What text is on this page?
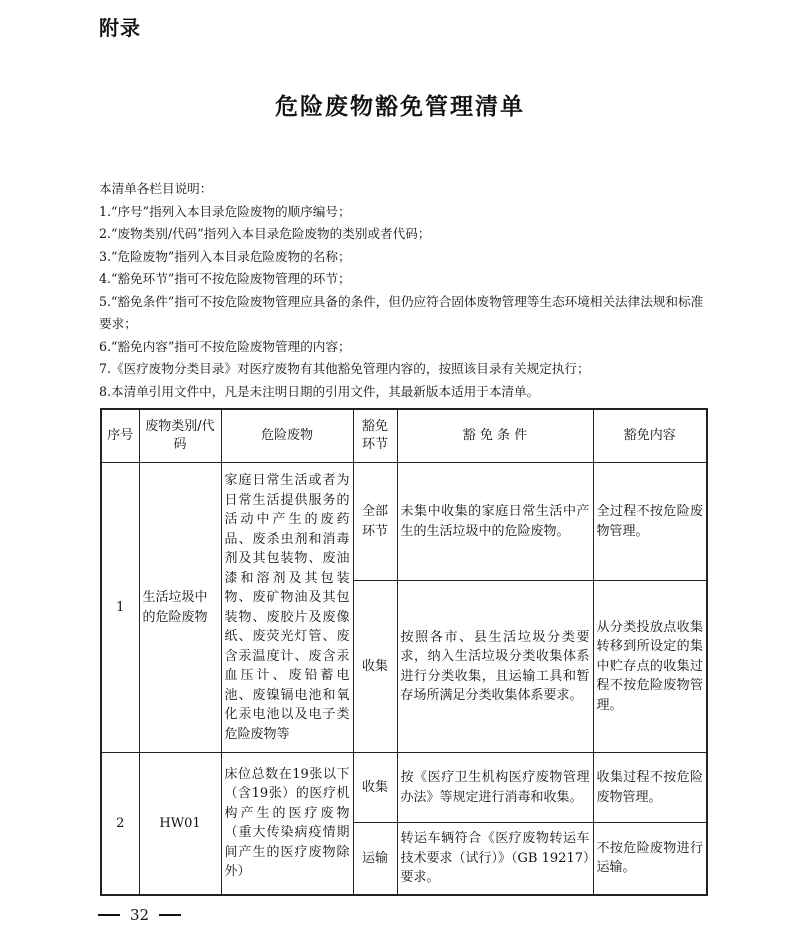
附录
危险废物豁免管理清单

本清单各栏目说明：

1.“序号”指列入本目录危险废物的顺序编号；

2.“废物类别/代码”指列入本目录危险废物的类别或者代码；

3.“危险废物”指列入本目录危险废物的名称；

4.“豁免环节”指可不按危险废物管理的环节；

5.“豁免条件”指可不按危险废物管理应具备的条件，但仍应符合固体废物管理等生态环境相关法律法规和标准要求；

6.“豁免内容”指可不按危险废物管理的内容；

7.《医疗废物分类目录》对医疗废物有其他豁免管理内容的，按照该目录有关规定执行；

8.本清单引用文件中，凡是未注明日期的引用文件，其最新版本适用于本清单。

序号	废物类别/代码	危险废物	豁免环节	豁 免 条 件	豁免内容
1	生活垃圾中的危险废物	家庭日常生活或者为日常生活提供服务的活动中产生的废药品、废杀虫剂和消毒剂及其包装物、废油漆和溶剂及其包装物、废矿物油及其包装物、废胶片及废像纸、废荧光灯管、废含汞温度计、废含汞血压计、废铅蓄电池、废镍镉电池和氧化汞电池以及电子类危险废物等	全部环节	未集中收集的家庭日常生活中产生的生活垃圾中的危险废物。	全过程不按危险废物管理。
			收集	按照各市、县生活垃圾分类要求，纳入生活垃圾分类收集体系进行分类收集，且运输工具和暂存场所满足分类收集体系要求。	从分类投放点收集转移到所设定的集中贮存点的收集过程不按危险废物管理。
2	HW01	床位总数在19张以下（含19张）的医疗机构产生的医疗废物（重大传染病疫情期间产生的医疗废物除外）	收集	按《医疗卫生机构医疗废物管理办法》等规定进行消毒和收集。	收集过程不按危险废物管理。
			运输	转运车辆符合《医疗废物转运车技术要求（试行）》（GB 19217）要求。	不按危险废物进行运输。
32
